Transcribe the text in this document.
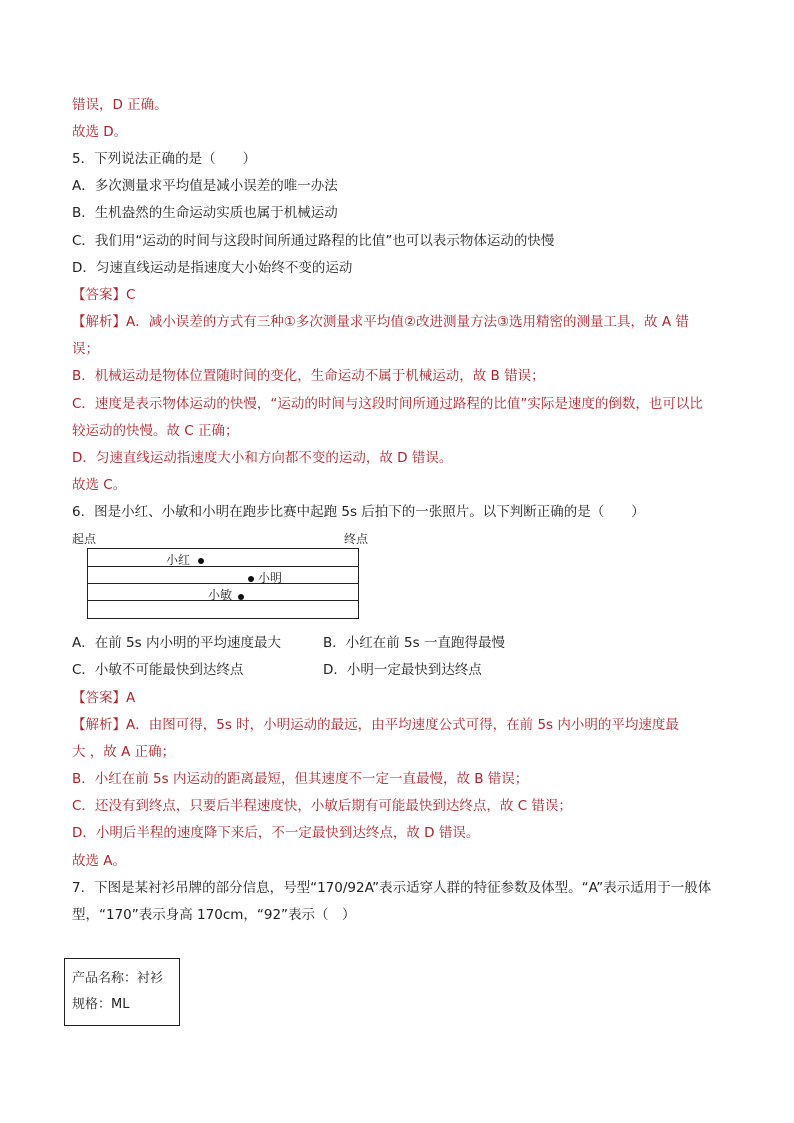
错误，D 正确。
故选 D。
5．下列说法正确的是（　　）
A．多次测量求平均值是减小误差的唯一办法
B．生机盎然的生命运动实质也属于机械运动
C．我们用“运动的时间与这段时间所通过路程的比值”也可以表示物体运动的快慢
D．匀速直线运动是指速度大小始终不变的运动
【答案】C
【解析】A．减小误差的方式有三种①多次测量求平均值②改进测量方法③选用精密的测量工具，故 A 错
误；
B．机械运动是物体位置随时间的变化，生命运动不属于机械运动，故 B 错误；
C．速度是表示物体运动的快慢，“运动的时间与这段时间所通过路程的比值”实际是速度的倒数，也可以比
较运动的快慢。故 C 正确；
D．匀速直线运动指速度大小和方向都不变的运动，故 D 错误。
故选 C。
6．图是小红、小敏和小明在跑步比赛中起跑 5s 后拍下的一张照片。以下判断正确的是（　　）
起点	终点
小红
小明
小敏
A．在前 5s 内小明的平均速度最大	B．小红在前 5s 一直跑得最慢
C．小敏不可能最快到达终点	D．小明一定最快到达终点
【答案】A
【解析】A．由图可得，5s 时，小明运动的最远，由平均速度公式可得，在前 5s 内小明的平均速度最
大 ，故 A 正确；
B．小红在前 5s 内运动的距离最短，但其速度不一定一直最慢，故 B 错误；
C．还没有到终点，只要后半程速度快，小敏后期有可能最快到达终点，故 C 错误；
D．小明后半程的速度降下来后，不一定最快到达终点，故 D 错误。
故选 A。
7．下图是某衬衫吊牌的部分信息，号型“170/92A”表示适穿人群的特征参数及体型。“A”表示适用于一般体
型，“170”表示身高 170cm，“92”表示（　）
产品名称：衬衫
规格：ML
